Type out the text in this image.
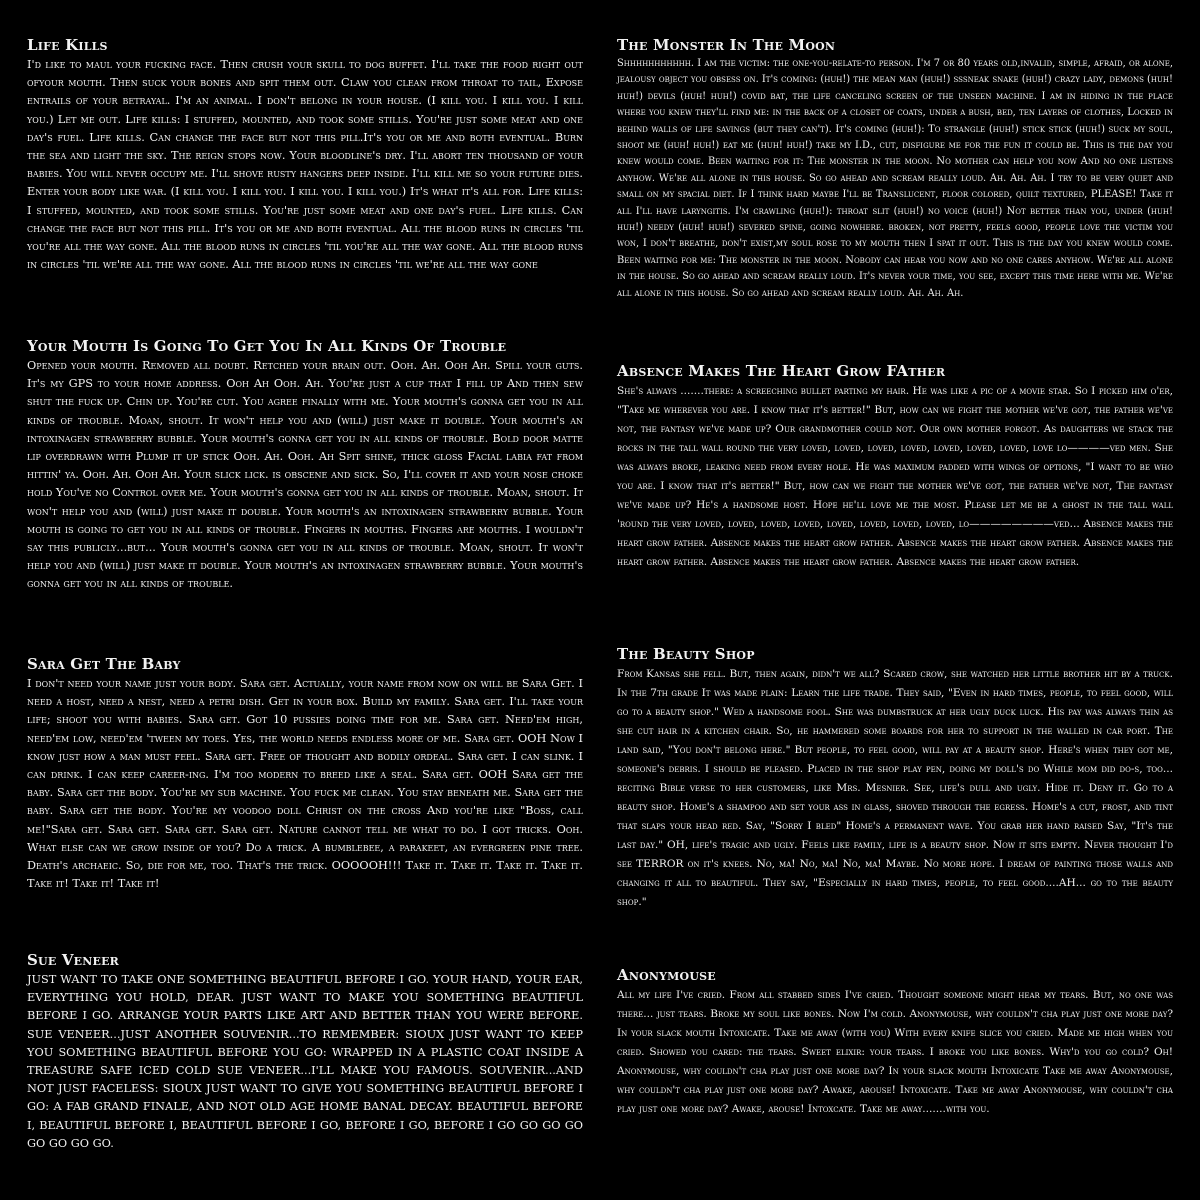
Life Kills

I'd like to maul your fucking face. Then crush your skull to dog buffet. I'll take the food right out ofyour mouth. Then suck your bones and spit them out. Claw you clean from throat to tail, Expose entrails of your betrayal. I'm an animal. I don't belong in your house. (I kill you. I kill you. I kill you.) Let me out. Life kills: I stuffed, mounted, and took some stills. You're just some meat and one day's fuel. Life kills. Can change the face but not this pill.It's you or me and both eventual. Burn the sea and light the sky. The reign stops now. Your bloodline's dry. I'll abort ten thousand of your babies. You will never occupy me. I'll shove rusty hangers deep inside. I'll kill me so your future dies. Enter your body like war. (I kill you. I kill you. I kill you. I kill you.) It's what it's all for. Life kills: I stuffed, mounted, and took some stills. You're just some meat and one day's fuel. Life kills. Can change the face but not this pill. It's you or me and both eventual. All the blood runs in circles 'til you're all the way gone. All the blood runs in circles 'til you're all the way gone. All the blood runs in circles 'til we're all the way gone. All the blood runs in circles 'til we're all the way gone

Your Mouth Is Going To Get You In All Kinds Of Trouble

Opened your mouth. Removed all doubt. Retched your brain out. Ooh. Ah. Ooh Ah. Spill your guts. It's my GPS to your home address. Ooh Ah Ooh. Ah. You're just a cup that I fill up And then sew shut the fuck up. Chin up. You're cut. You agree finally with me. Your mouth's gonna get you in all kinds of trouble. Moan, shout. It won't help you and (will) just make it double. Your mouth's an intoxinagen strawberry bubble. Your mouth's gonna get you in all kinds of trouble. Bold door matte lip overdrawn with Plump it up stick Ooh. Ah. Ooh. Ah Spit shine, thick gloss Facial labia fat from hittin' ya. Ooh. Ah. Ooh Ah. Your slick lick. is obscene and sick. So, I'll cover it and your nose choke hold You've no Control over me. Your mouth's gonna get you in all kinds of trouble. Moan, shout. It won't help you and (will) just make it double. Your mouth's an intoxinagen strawberry bubble. Your mouth is going to get you in all kinds of trouble. Fingers in mouths. Fingers are mouths. I wouldn't say this publicly...but... Your mouth's gonna get you in all kinds of trouble. Moan, shout. It won't help you and (will) just make it double. Your mouth's an intoxinagen strawberry bubble. Your mouth's gonna get you in all kinds of trouble.

Sara Get The Baby

I don't need your name just your body. Sara get. Actually, your name from now on will be Sara Get. I need a host, need a nest, need a petri dish. Get in your box. Build my family. Sara get. I'll take your life; shoot you with babies. Sara get. Got 10 pussies doing time for me. Sara get. Need'em high, need'em low, need'em 'tween my toes. Yes, the world needs endless more of me. Sara get. OOH Now I know just how a man must feel. Sara get. Free of thought and bodily ordeal. Sara get. I can slink. I can drink. I can keep career-ing. I'm too modern to breed like a seal. Sara get. OOH Sara get the baby. Sara get the body. You're my sub machine. You fuck me clean. You stay beneath me. Sara get the baby. Sara get the body. You're my voodoo doll Christ on the cross And you're like "Boss, call me!"Sara get. Sara get. Sara get. Sara get. Nature cannot tell me what to do. I got tricks. Ooh. What else can we grow inside of you? Do a trick. A bumblebee, a parakeet, an evergreen pine tree. Death's archaeic. So, die for me, too. That's the trick. OOOOOH!!! Take it. Take it. Take it. Take it. Take it! Take it! Take it!

Sue Veneer

JUST WANT TO TAKE ONE SOMETHING BEAUTIFUL BEFORE I GO. YOUR HAND, YOUR EAR, EVERYTHING YOU HOLD, DEAR. JUST WANT TO MAKE YOU SOMETHING BEAUTIFUL BEFORE I GO. ARRANGE YOUR PARTS LIKE ART AND BETTER THAN YOU WERE BEFORE. SUE VENEER...JUST ANOTHER SOUVENIR...TO REMEMBER: SIOUX JUST WANT TO KEEP YOU SOMETHING BEAUTIFUL BEFORE YOU GO: WRAPPED IN A PLASTIC COAT INSIDE A TREASURE SAFE ICED COLD SUE VENEER...I'LL MAKE YOU FAMOUS. SOUVENIR...AND NOT JUST FACELESS: SIOUX JUST WANT TO GIVE YOU SOMETHING BEAUTIFUL BEFORE I GO: A FAB GRAND FINALE, AND NOT OLD AGE HOME BANAL DECAY. BEAUTIFUL BEFORE I, BEAUTIFUL BEFORE I, BEAUTIFUL BEFORE I GO, BEFORE I GO, BEFORE I GO GO GO GO GO GO GO GO.

The Monster In The Moon

Shhhhhhhhhhh. I am the victim: the one-you-relate-to person. I'm 7 or 80 years old,invalid, simple, afraid, or alone, jealousy object you obsess on. It's coming: (huh!) the mean man (huh!) sssneak snake (huh!) crazy lady, demons (huh! huh!) devils (huh! huh!) covid bat, the life canceling screen of the unseen machine. I am in hiding in the place where you knew they'll find me: in the back of a closet of coats, under a bush, bed, ten layers of clothes, Locked in behind walls of life savings (but they can't). It's coming (huh!): To strangle (huh!) stick stick (huh!) suck my soul, shoot me (huh! huh!) eat me (huh! huh!) take my I.D., cut, disfigure me for the fun it could be. This is the day you knew would come. Been waiting for it: The monster in the moon. No mother can help you now And no one listens anyhow. We're all alone in this house. So go ahead and scream really loud. Ah. Ah. Ah. I try to be very quiet and small on my spacial diet. If I think hard maybe I'll be Translucent, floor colored, quilt textured, PLEASE! Take it all I'll have laryngitis. I'm crawling (huh!): throat slit (huh!) no voice (huh!) Not better than you, under (huh! huh!) needy (huh! huh!) severed spine, going nowhere. broken, not pretty, feels good, people love the victim you won, I don't breathe, don't exist,my soul rose to my mouth then I spat it out. This is the day you knew would come. Been waiting for me: The monster in the moon. Nobody can hear you now and no one cares anyhow. We're all alone in the house. So go ahead and scream really loud. It's never your time, you see, except this time here with me. We're all alone in this house. So go ahead and scream really loud. Ah. Ah. Ah.

Absence Makes The Heart Grow FAther

She's always .......there: a screeching bullet parting my hair. He was like a pic of a movie star. So I picked him o'er, "Take me wherever you are. I know that it's better!" But, how can we fight the mother we've got, the father we've not, the fantasy we've made up? Our grandmother could not. Our own mother forgot. As daughters we stack the rocks in the tall wall round the very loved, loved, loved, loved, loved, loved, loved, love lo————ved men. She was always broke, leaking need from every hole. He was maximum padded with wings of options, "I want to be who you are. I know that it's better!" But, how can we fight the mother we've got, the father we've not, The fantasy we've made up? He's a handsome host. Hope he'll love me the most. Please let me be a ghost in the tall wall 'round the very loved, loved, loved, loved, loved, loved, loved, loved, lo————————ved... Absence makes the heart grow father. Absence makes the heart grow father. Absence makes the heart grow father. Absence makes the heart grow father. Absence makes the heart grow father. Absence makes the heart grow father.

The Beauty Shop

From Kansas she fell. But, then again, didn't we all? Scared crow, she watched her little brother hit by a truck. In the 7th grade It was made plain: Learn the life trade. They said, "Even in hard times, people, to feel good, will go to a beauty shop." Wed a handsome fool. She was dumbstruck at her ugly duck luck. His pay was always thin as she cut hair in a kitchen chair. So, he hammered some boards for her to support in the walled in car port. The land said, "You don't belong here." But people, to feel good, will pay at a beauty shop. Here's when they got me, someone's debris. I should be pleased. Placed in the shop play pen, doing my doll's do While mom did do-s, too... reciting Bible verse to her customers, like Mrs. Mesnier. See, life's dull and ugly. Hide it. Deny it. Go to a beauty shop. Home's a shampoo and set your ass in glass, shoved through the egress. Home's a cut, frost, and tint that slaps your head red. Say, "Sorry I bled" Home's a permanent wave. You grab her hand raised Say, "It's the last day." OH, life's tragic and ugly. Feels like family, life is a beauty shop. Now it sits empty. Never thought I'd see TERROR on it's knees. No, ma! No, ma! No, ma! Maybe. No more hope. I dream of painting those walls and changing it all to beautiful. They say, "Especially in hard times, people, to feel good....AH... go to the beauty shop."

Anonymouse

All my life I've cried. From all stabbed sides I've cried. Thought someone might hear my tears. But, no one was there... just tears. Broke my soul like bones. Now I'm cold. Anonymouse, why couldn't cha play just one more day? In your slack mouth Intoxicate. Take me away (with you) With every knife slice you cried. Made me high when you cried. Showed you cared: the tears. Sweet elixir: your tears. I broke you like bones. Why'd you go cold? Oh! Anonymouse, why couldn't cha play just one more day? In your slack mouth Intoxicate Take me away Anonymouse, why couldn't cha play just one more day? Awake, arouse! Intoxicate. Take me away Anonymouse, why couldn't cha play just one more day? Awake, arouse! Intoxcate. Take me away.......with you.
